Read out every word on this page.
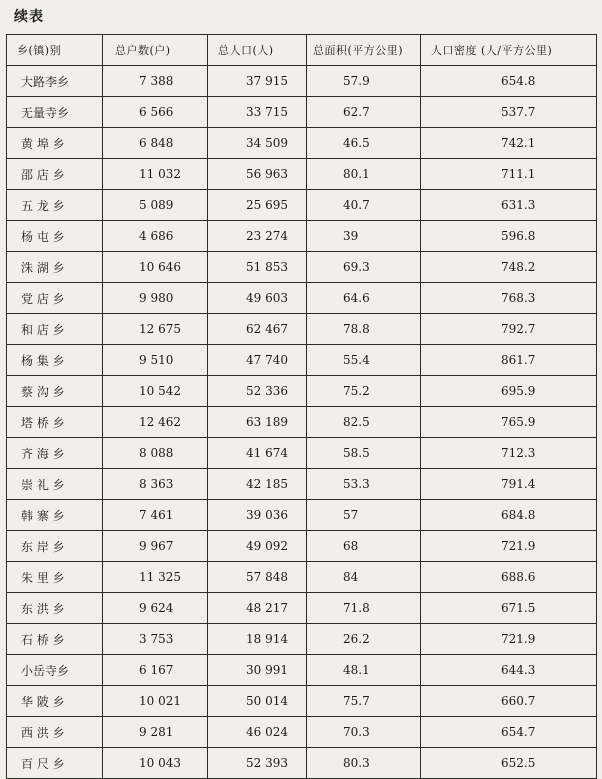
续表
乡(镇)别	总户数(户)	总人口(人)	总面积(平方公里)	人口密度 (人/平方公里)
大路李乡	7 388	37 915	57.9	654.8
无量寺乡	6 566	33 715	62.7	537.7
黄 埠 乡	6 848	34 509	46.5	742.1
邵 店 乡	11 032	56 963	80.1	711.1
五 龙 乡	5 089	25 695	40.7	631.3
杨 屯 乡	4 686	23 274	39	596.8
洙 湖 乡	10 646	51 853	69.3	748.2
党 店 乡	9 980	49 603	64.6	768.3
和 店 乡	12 675	62 467	78.8	792.7
杨 集 乡	9 510	47 740	55.4	861.7
蔡 沟 乡	10 542	52 336	75.2	695.9
塔 桥 乡	12 462	63 189	82.5	765.9
齐 海 乡	8 088	41 674	58.5	712.3
崇 礼 乡	8 363	42 185	53.3	791.4
韩 寨 乡	7 461	39 036	57	684.8
东 岸 乡	9 967	49 092	68	721.9
朱 里 乡	11 325	57 848	84	688.6
东 洪 乡	9 624	48 217	71.8	671.5
石 桥 乡	3 753	18 914	26.2	721.9
小岳寺乡	6 167	30 991	48.1	644.3
华 陂 乡	10 021	50 014	75.7	660.7
西 洪 乡	9 281	46 024	70.3	654.7
百 尺 乡	10 043	52 393	80.3	652.5
